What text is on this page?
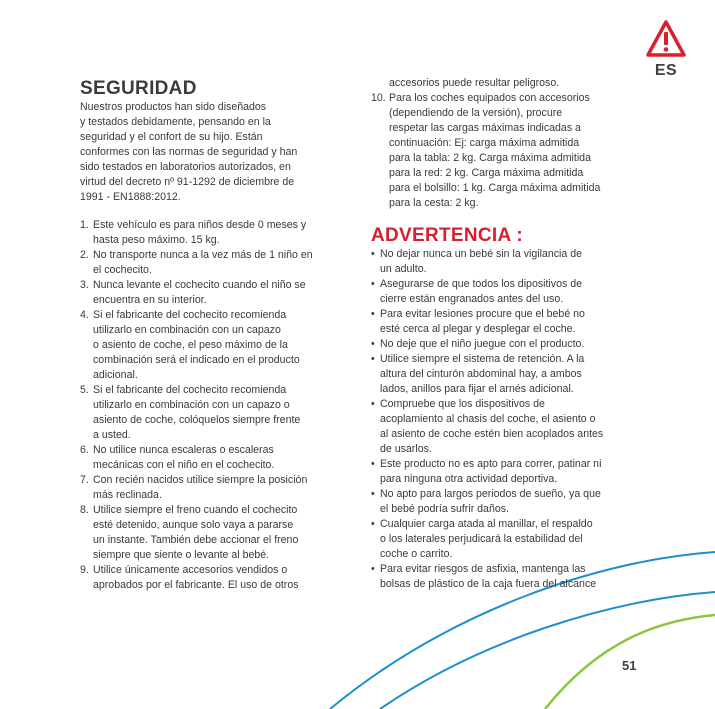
ES
SEGURIDAD

Nuestros productos han sido diseñados
y testados debidamente, pensando en la
seguridad y el confort de su hijo. Están
conformes con las normas de seguridad y han
sido testados en laboratorios autorizados, en
virtud del decreto nº 91-1292 de diciembre de
1991 - EN1888:2012.

1. Este vehículo es para niños desde 0 meses y
hasta peso máximo. 15 kg.
2. No transporte nunca a la vez más de 1 niño en
el cochecito.
3. Nunca levante el cochecito cuando el niño se
encuentra en su interior.
4. Si el fabricante del cochecito recomienda
utilizarlo en combinación con un capazo
o asiento de coche, el peso máximo de la
combinación será el indicado en el producto
adicional.
5. Si el fabricante del cochecito recomienda
utilizarlo en combinación con un capazo o
asiento de coche, colóquelos siempre frente
a usted.
6. No utilice nunca escaleras o escaleras
mecánicas con el niño en el cochecito.
7. Con recién nacidos utilice siempre la posición
más reclinada.
8. Utilice siempre el freno cuando el cochecito
esté detenido, aunque solo vaya a pararse
un instante. También debe accionar el freno
siempre que siente o levante al bebé.
9. Utilice únicamente accesorios vendidos o
aprobados por el fabricante. El uso de otros

accesorios puede resultar peligroso.

10. Para los coches equipados con accesorios
(dependiendo de la versión), procure
respetar las cargas máximas indicadas a
continuación: Ej: carga máxima admitida
para la tabla: 2 kg. Carga máxima admitida
para la red: 2 kg. Carga máxima admitida
para el bolsillo: 1 kg. Carga máxima admitida
para la cesta: 2 kg.
ADVERTENCIA :
• No dejar nunca un bebé sin la vigilancia de
un adulto.
• Asegurarse de que todos los dipositivos de
cierre están engranados antes del uso.
• Para evitar lesiones procure que el bebé no
esté cerca al plegar y desplegar el coche.
• No deje que el niño juegue con el producto.
• Utilice siempre el sistema de retención. A la
altura del cinturón abdominal hay, a ambos
lados, anillos para fijar el arnés adicional.
• Compruebe que los dispositivos de
acoplamiento al chasis del coche, el asiento o
al asiento de coche estén bien acoplados antes
de usarlos.
• Este producto no es apto para correr, patinar ni
para ninguna otra actividad deportiva.
• No apto para largos periodos de sueño, ya que
el bebé podría sufrir daños.
• Cualquier carga atada al manillar, el respaldo
o los laterales perjudicará la estabilidad del
coche o carrito.
• Para evitar riesgos de asfixia, mantenga las
bolsas de plástico de la caja fuera del alcance
51
